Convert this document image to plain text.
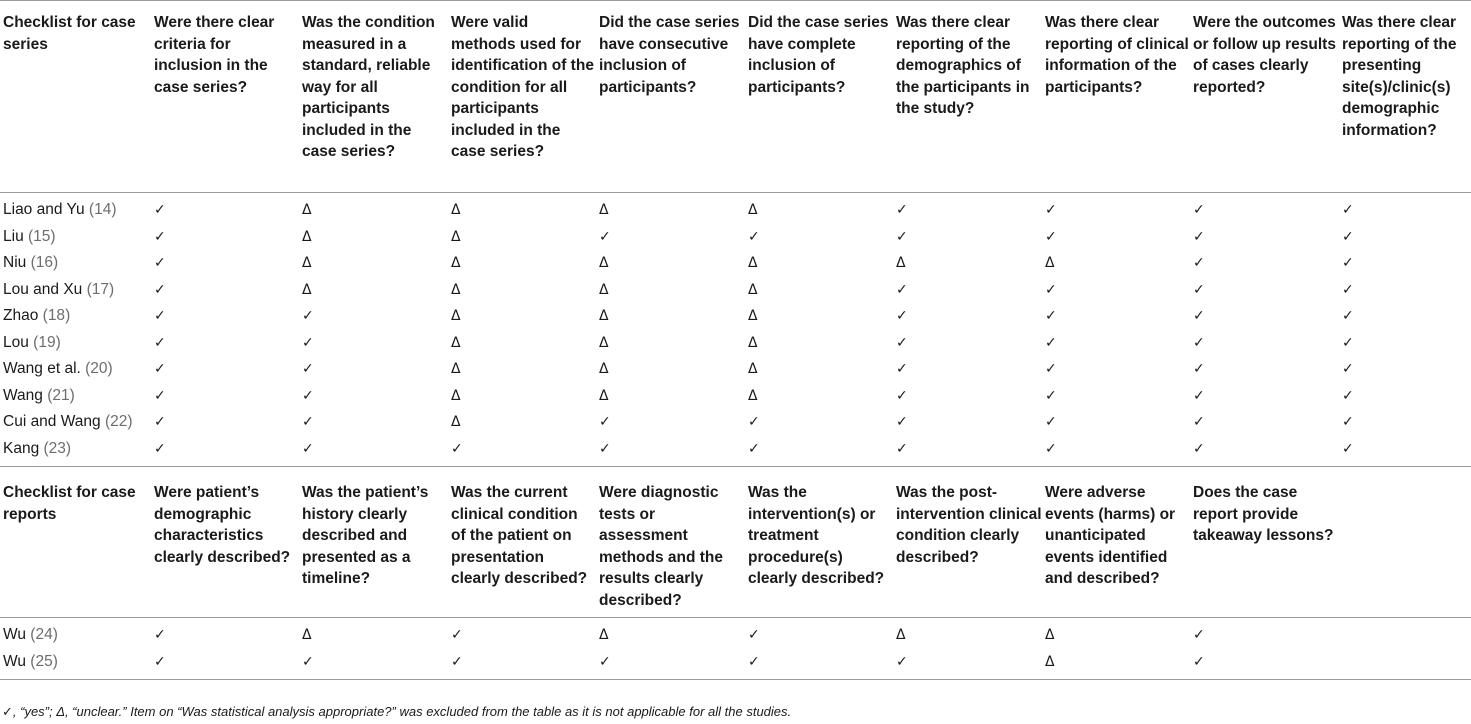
Checklist for case series	Were there clear criteria for inclusion in the case series?	Was the condition measured in a standard, reliable way for all participants included in the case series?	Were valid methods used for identification of the condition for all participants included in the case series?	Did the case series have consecutive inclusion of participants?	Did the case series have complete inclusion of participants?	Was there clear reporting of the demographics of the participants in the study?	Was there clear reporting of clinical information of the participants?	Were the outcomes or follow up results of cases clearly reported?	Was there clear reporting of the presenting site(s)/clinic(s) demographic information?
Liao and Yu (14)	✓	Δ	Δ	Δ	Δ	✓	✓	✓	✓
Liu (15)	✓	Δ	Δ	✓	✓	✓	✓	✓	✓
Niu (16)	✓	Δ	Δ	Δ	Δ	Δ	Δ	✓	✓
Lou and Xu (17)	✓	Δ	Δ	Δ	Δ	✓	✓	✓	✓
Zhao (18)	✓	✓	Δ	Δ	Δ	✓	✓	✓	✓
Lou (19)	✓	✓	Δ	Δ	Δ	✓	✓	✓	✓
Wang et al. (20)	✓	✓	Δ	Δ	Δ	✓	✓	✓	✓
Wang (21)	✓	✓	Δ	Δ	Δ	✓	✓	✓	✓
Cui and Wang (22)	✓	✓	Δ	✓	✓	✓	✓	✓	✓
Kang (23)	✓	✓	✓	✓	✓	✓	✓	✓	✓
Checklist for case reports	Were patient’s demographic characteristics clearly described?	Was the patient’s history clearly described and presented as a timeline?	Was the current clinical condition of the patient on presentation clearly described?	Were diagnostic tests or assessment methods and the results clearly described?	Was the intervention(s) or treatment procedure(s) clearly described?	Was the post-intervention clinical condition clearly described?	Were adverse events (harms) or unanticipated events identified and described?	Does the case report provide takeaway lessons?	
Wu (24)	✓	Δ	✓	Δ	✓	Δ	Δ	✓	
Wu (25)	✓	✓	✓	✓	✓	✓	Δ	✓	
✓, “yes”; Δ, “unclear.” Item on “Was statistical analysis appropriate?” was excluded from the table as it is not applicable for all the studies.
